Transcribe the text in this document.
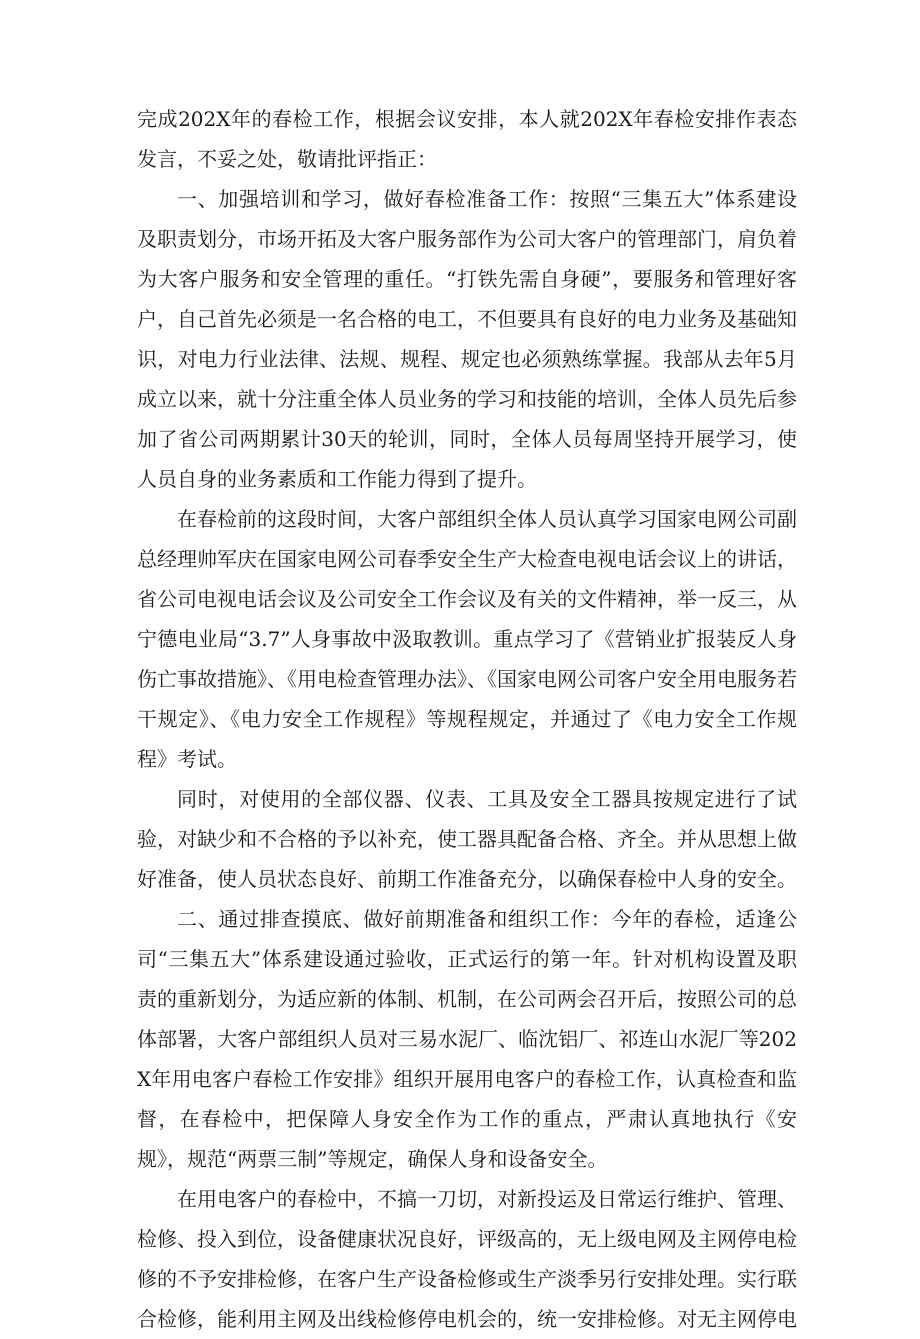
完成202X年的春检工作，根据会议安排，本人就202X年春检安排作表态发言，不妥之处，敬请批评指正：

一、加强培训和学习，做好春检准备工作：按照“三集五大”体系建设及职责划分，市场开拓及大客户服务部作为公司大客户的管理部门，肩负着为大客户服务和安全管理的重任。“打铁先需自身硬”，要服务和管理好客户，自己首先必须是一名合格的电工，不但要具有良好的电力业务及基础知识，对电力行业法律、法规、规程、规定也必须熟练掌握。我部从去年5月成立以来，就十分注重全体人员业务的学习和技能的培训，全体人员先后参加了省公司两期累计30天的轮训，同时，全体人员每周坚持开展学习，使人员自身的业务素质和工作能力得到了提升。

在春检前的这段时间，大客户部组织全体人员认真学习国家电网公司副总经理帅军庆在国家电网公司春季安全生产大检查电视电话会议上的讲话，省公司电视电话会议及公司安全工作会议及有关的文件精神，举一反三，从宁德电业局“3.7”人身事故中汲取教训。重点学习了《营销业扩报装反人身伤亡事故措施》、《用电检查管理办法》、《国家电网公司客户安全用电服务若干规定》、《电力安全工作规程》等规程规定，并通过了《电力安全工作规程》考试。

同时，对使用的全部仪器、仪表、工具及安全工器具按规定进行了试验，对缺少和不合格的予以补充，使工器具配备合格、齐全。并从思想上做好准备，使人员状态良好、前期工作准备充分，以确保春检中人身的安全。

二、通过排查摸底、做好前期准备和组织工作：今年的春检，适逢公司“三集五大”体系建设通过验收，正式运行的第一年。针对机构设置及职责的重新划分，为适应新的体制、机制，在公司两会召开后，按照公司的总体部署，大客户部组织人员对三易水泥厂、临沈铝厂、祁连山水泥厂等202X年用电客户春检工作安排》组织开展用电客户的春检工作，认真检查和监督，在春检中，把保障人身安全作为工作的重点，严肃认真地执行《安规》，规范“两票三制”等规定，确保人身和设备安全。

在用电客户的春检中，不搞一刀切，对新投运及日常运行维护、管理、检修、投入到位，设备健康状况良好，评级高的，无上级电网及主网停电检修的不予安排检修，在客户生产设备检修或生产淡季另行安排处理。实行联合检修，能利用主网及出线检修停电机会的，统一安排检修。对无主网停电
